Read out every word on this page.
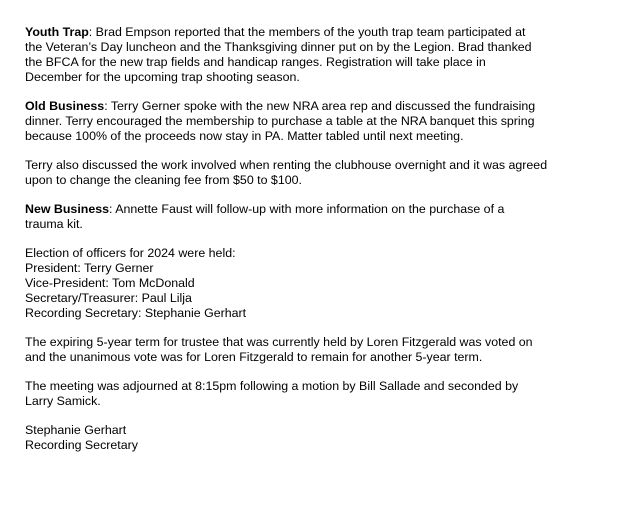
Youth Trap: Brad Empson reported that the members of the youth trap team participated at
the Veteran’s Day luncheon and the Thanksgiving dinner put on by the Legion. Brad thanked
the BFCA for the new trap fields and handicap ranges. Registration will take place in
December for the upcoming trap shooting season.
Old Business: Terry Gerner spoke with the new NRA area rep and discussed the fundraising
dinner. Terry encouraged the membership to purchase a table at the NRA banquet this spring
because 100% of the proceeds now stay in PA. Matter tabled until next meeting.
Terry also discussed the work involved when renting the clubhouse overnight and it was agreed
upon to change the cleaning fee from $50 to $100.
New Business: Annette Faust will follow-up with more information on the purchase of a
trauma kit.
Election of officers for 2024 were held:
President: Terry Gerner
Vice-President: Tom McDonald
Secretary/Treasurer: Paul Lilja
Recording Secretary: Stephanie Gerhart
The expiring 5-year term for trustee that was currently held by Loren Fitzgerald was voted on
and the unanimous vote was for Loren Fitzgerald to remain for another 5-year term.
The meeting was adjourned at 8:15pm following a motion by Bill Sallade and seconded by
Larry Samick.
Stephanie Gerhart
Recording Secretary
